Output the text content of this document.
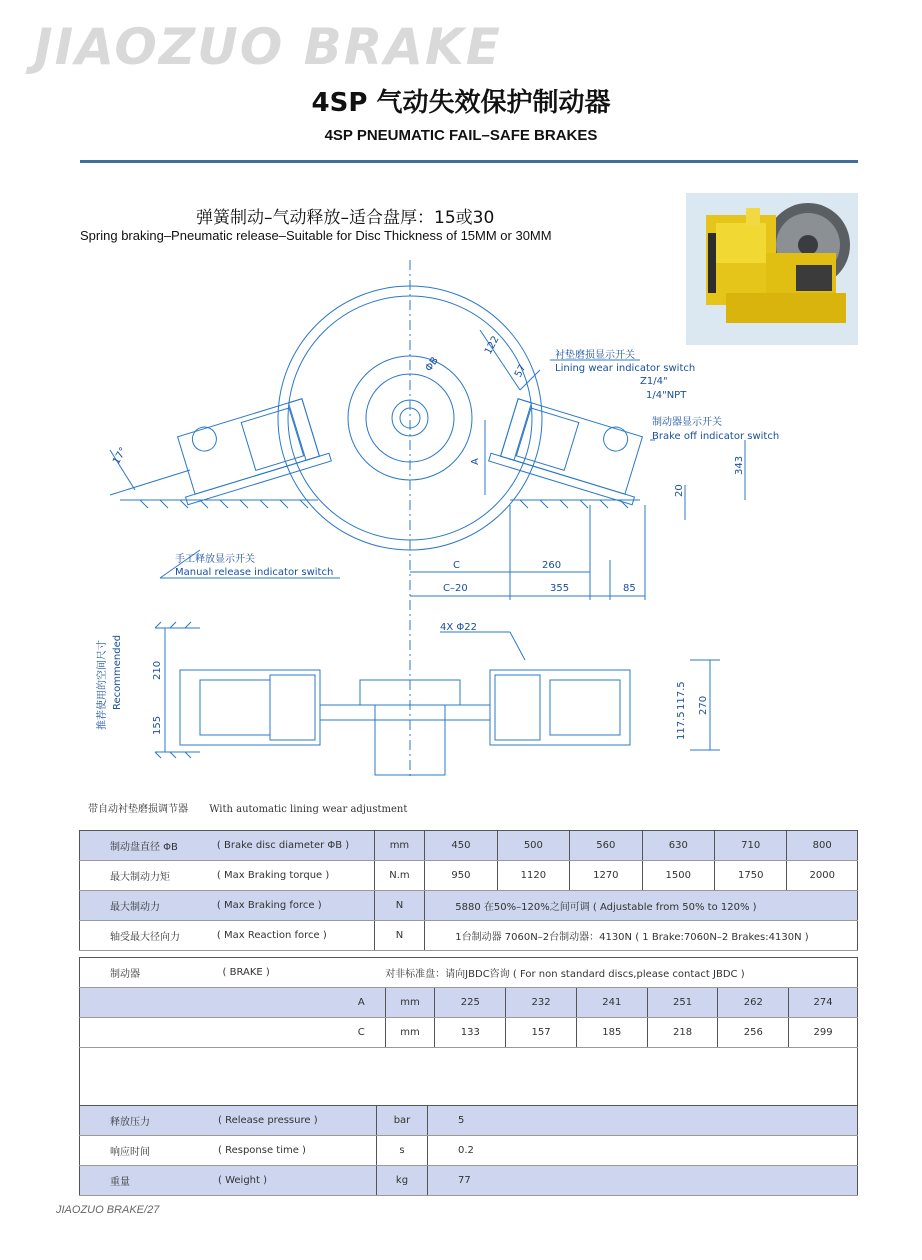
JIAOZUO BRAKE
4SP 气动失效保护制动器
4SP PNEUMATIC FAIL–SAFE BRAKES
弹簧制动–气动释放–适合盘厚：15或30
Spring braking–Pneumatic release–Suitable for Disc Thickness of 15MM or 30MM
衬垫磨损显示开关
Lining wear indicator switch
Z1/4"
1/4"NPT
制动器显示开关
Brake off indicator switch
手工释放显示开关
Manual release indicator switch
4X Φ22
ΦB
17°
推荐使用的空间尺寸 Recommended
122
57
A	343
20
C	260
C–20	355	85
210
155
117.5
117.5
270
带自动衬垫磨损调节器 With automatic lining wear adjustment
制动盘直径 ΦB	( Brake disc diameter ΦB )	mm	450	500	560	630	710	800
最大制动力矩	( Max Braking torque )	N.m	950	1120	1270	1500	1750	2000
最大制动力	( Max Braking force )	N	5880 在50%–120%之间可调 ( Adjustable from 50% to 120% )					
轴受最大径向力	( Max Reaction force )	N	1台制动器 7060N–2台制动器：4130N ( 1 Brake:7060N–2 Brakes:4130N )					
制动器	( BRAKE )	对非标准盘：请向JBDC咨询 ( For non standard discs,please contact JBDC )						
A		mm	225	232	241	251	262	274
C		mm	133	157	185	218	256	299

释放压力	( Release pressure )	bar	5
响应时间	( Response time )	s	0.2
重量	( Weight )	kg	77
JIAOZUO BRAKE/27
